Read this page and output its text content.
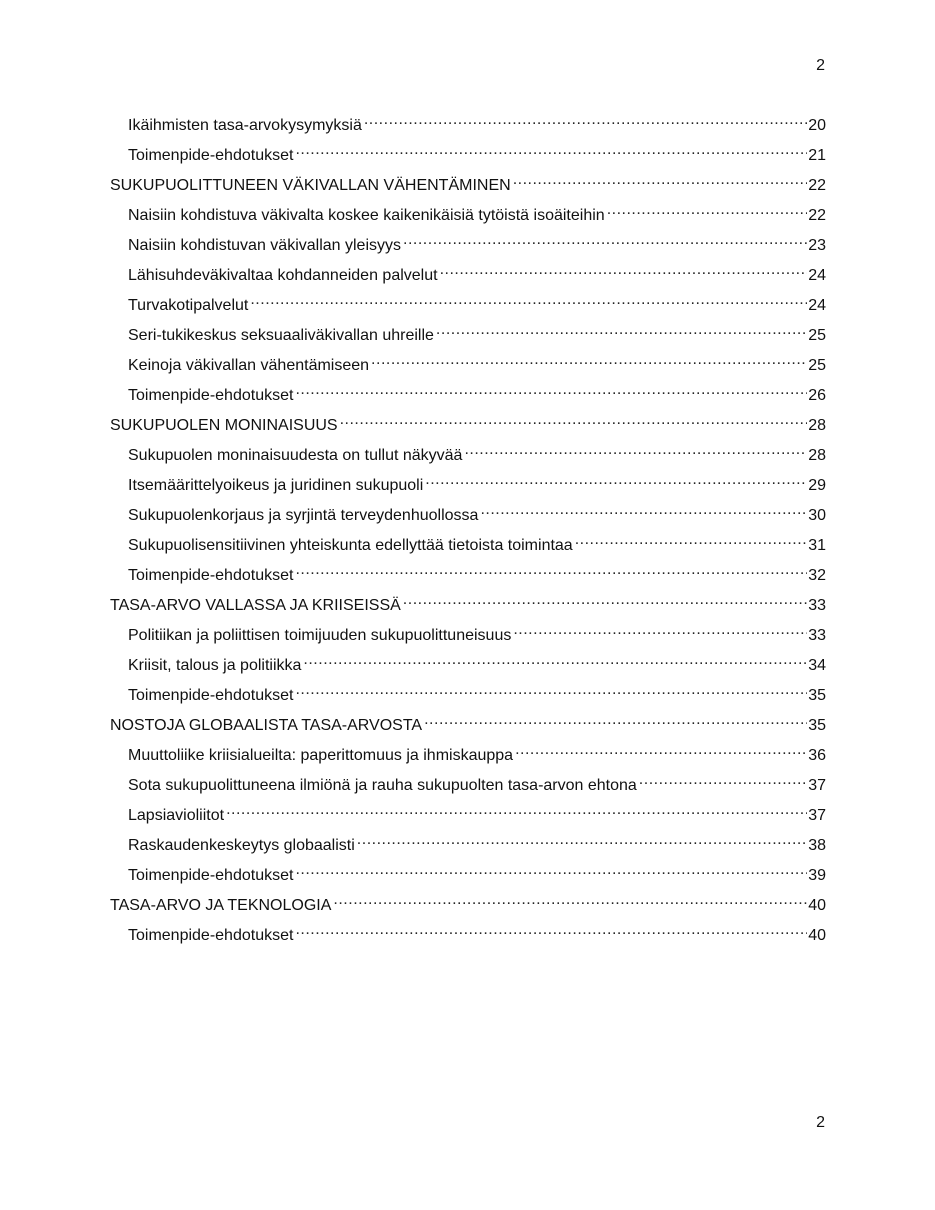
2
Ikäihmisten tasa-arvokysymyksiä .....	20
Toimenpide-ehdotukset .....	21
SUKUPUOLITTUNEEN VÄKIVALLAN VÄHENTÄMINEN .....	22
Naisiin kohdistuva väkivalta koskee kaikenikäisiä tytöistä isoäiteihin .....	22
Naisiin kohdistuvan väkivallan yleisyys .....	23
Lähisuhdeväkivaltaa kohdanneiden palvelut .....	24
Turvakotipalvelut .....	24
Seri-tukikeskus seksuaaliväkivallan uhreille .....	25
Keinoja väkivallan vähentämiseen .....	25
Toimenpide-ehdotukset .....	26
SUKUPUOLEN MONINAISUUS .....	28
Sukupuolen moninaisuudesta on tullut näkyvää .....	28
Itsemäärittelyoikeus ja juridinen sukupuoli .....	29
Sukupuolenkorjaus ja syrjintä terveydenhuollossa .....	30
Sukupuolisensitiivinen yhteiskunta edellyttää tietoista toimintaa .....	31
Toimenpide-ehdotukset .....	32
TASA-ARVO VALLASSA JA KRIISEISSÄ .....	33
Politiikan ja poliittisen toimijuuden sukupuolittuneisuus .....	33
Kriisit, talous ja politiikka .....	34
Toimenpide-ehdotukset .....	35
NOSTOJA GLOBAALISTA TASA-ARVOSTA .....	35
Muuttoliike kriisialueilta: paperittomuus ja ihmiskauppa .....	36
Sota sukupuolittuneena ilmiönä ja rauha sukupuolten tasa-arvon ehtona .....	37
Lapsiavioliitot .....	37
Raskaudenkeskeytys globaalisti .....	38
Toimenpide-ehdotukset .....	39
TASA-ARVO JA TEKNOLOGIA .....	40
Toimenpide-ehdotukset .....	40
2
